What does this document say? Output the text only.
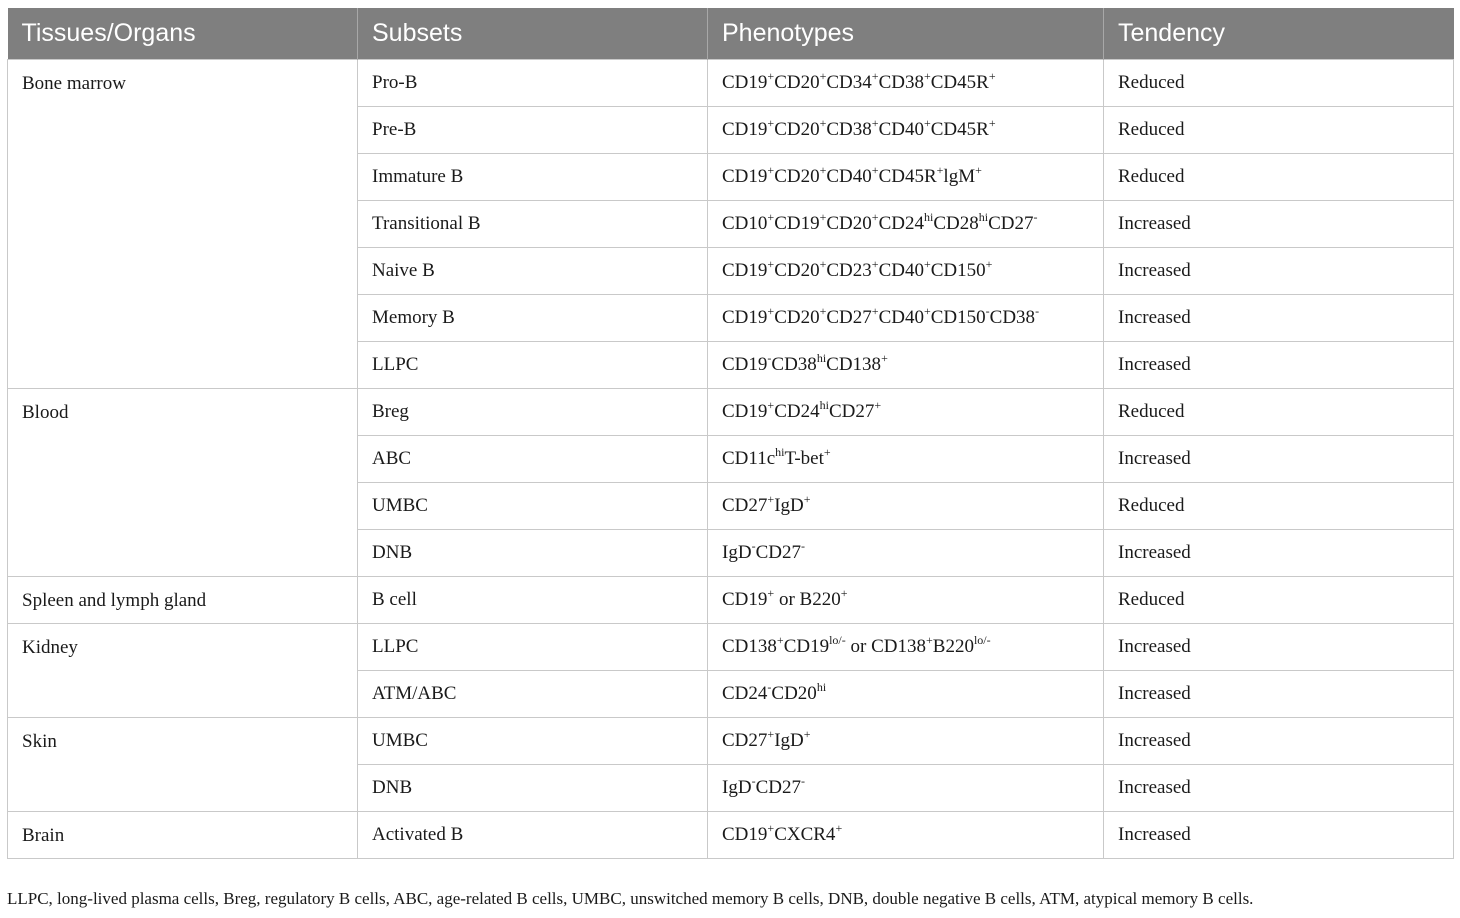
Tissues/Organs	Subsets	Phenotypes	Tendency
Bone marrow	Pro-B	CD19+CD20+CD34+CD38+CD45R+	Reduced
	Pre-B	CD19+CD20+CD38+CD40+CD45R+	Reduced
	Immature B	CD19+CD20+CD40+CD45R+lgM+	Reduced
	Transitional B	$CD10^+CD19^+CD20^+CD24^{hi}CD28^{hi}CD27^-$	Increased
	Naive B	CD19+CD20+CD23+CD40+CD150+	Increased
	Memory B	CD19+CD20+CD27+CD40+CD150-CD38-	Increased
	LLPC	$CD19^-CD38^{hi}CD138^+$	Increased
Blood	Breg	$CD19^+CD24^{hi}CD27^+$	Reduced
	ABC	$CD11c^{hi}T-bet^+$	Increased
	UMBC	CD27+IgD+	Reduced
	DNB	IgD-CD27-	Increased
Spleen and lymph gland	B cell	CD19+ or B220+	Reduced
Kidney	LLPC	$CD138^+CD19^{lo/-}$ or $CD138^+B220^{lo/-}$	Increased
	ATM/ABC	$CD24^-CD20^{hi}$	Increased
Skin	UMBC	CD27+IgD+	Increased
	DNB	IgD-CD27-	Increased
Brain	Activated B	CD19+CXCR4+	Increased
LLPC, long-lived plasma cells, Breg, regulatory B cells, ABC, age-related B cells, UMBC, unswitched memory B cells, DNB, double negative B cells, ATM, atypical memory B cells.
